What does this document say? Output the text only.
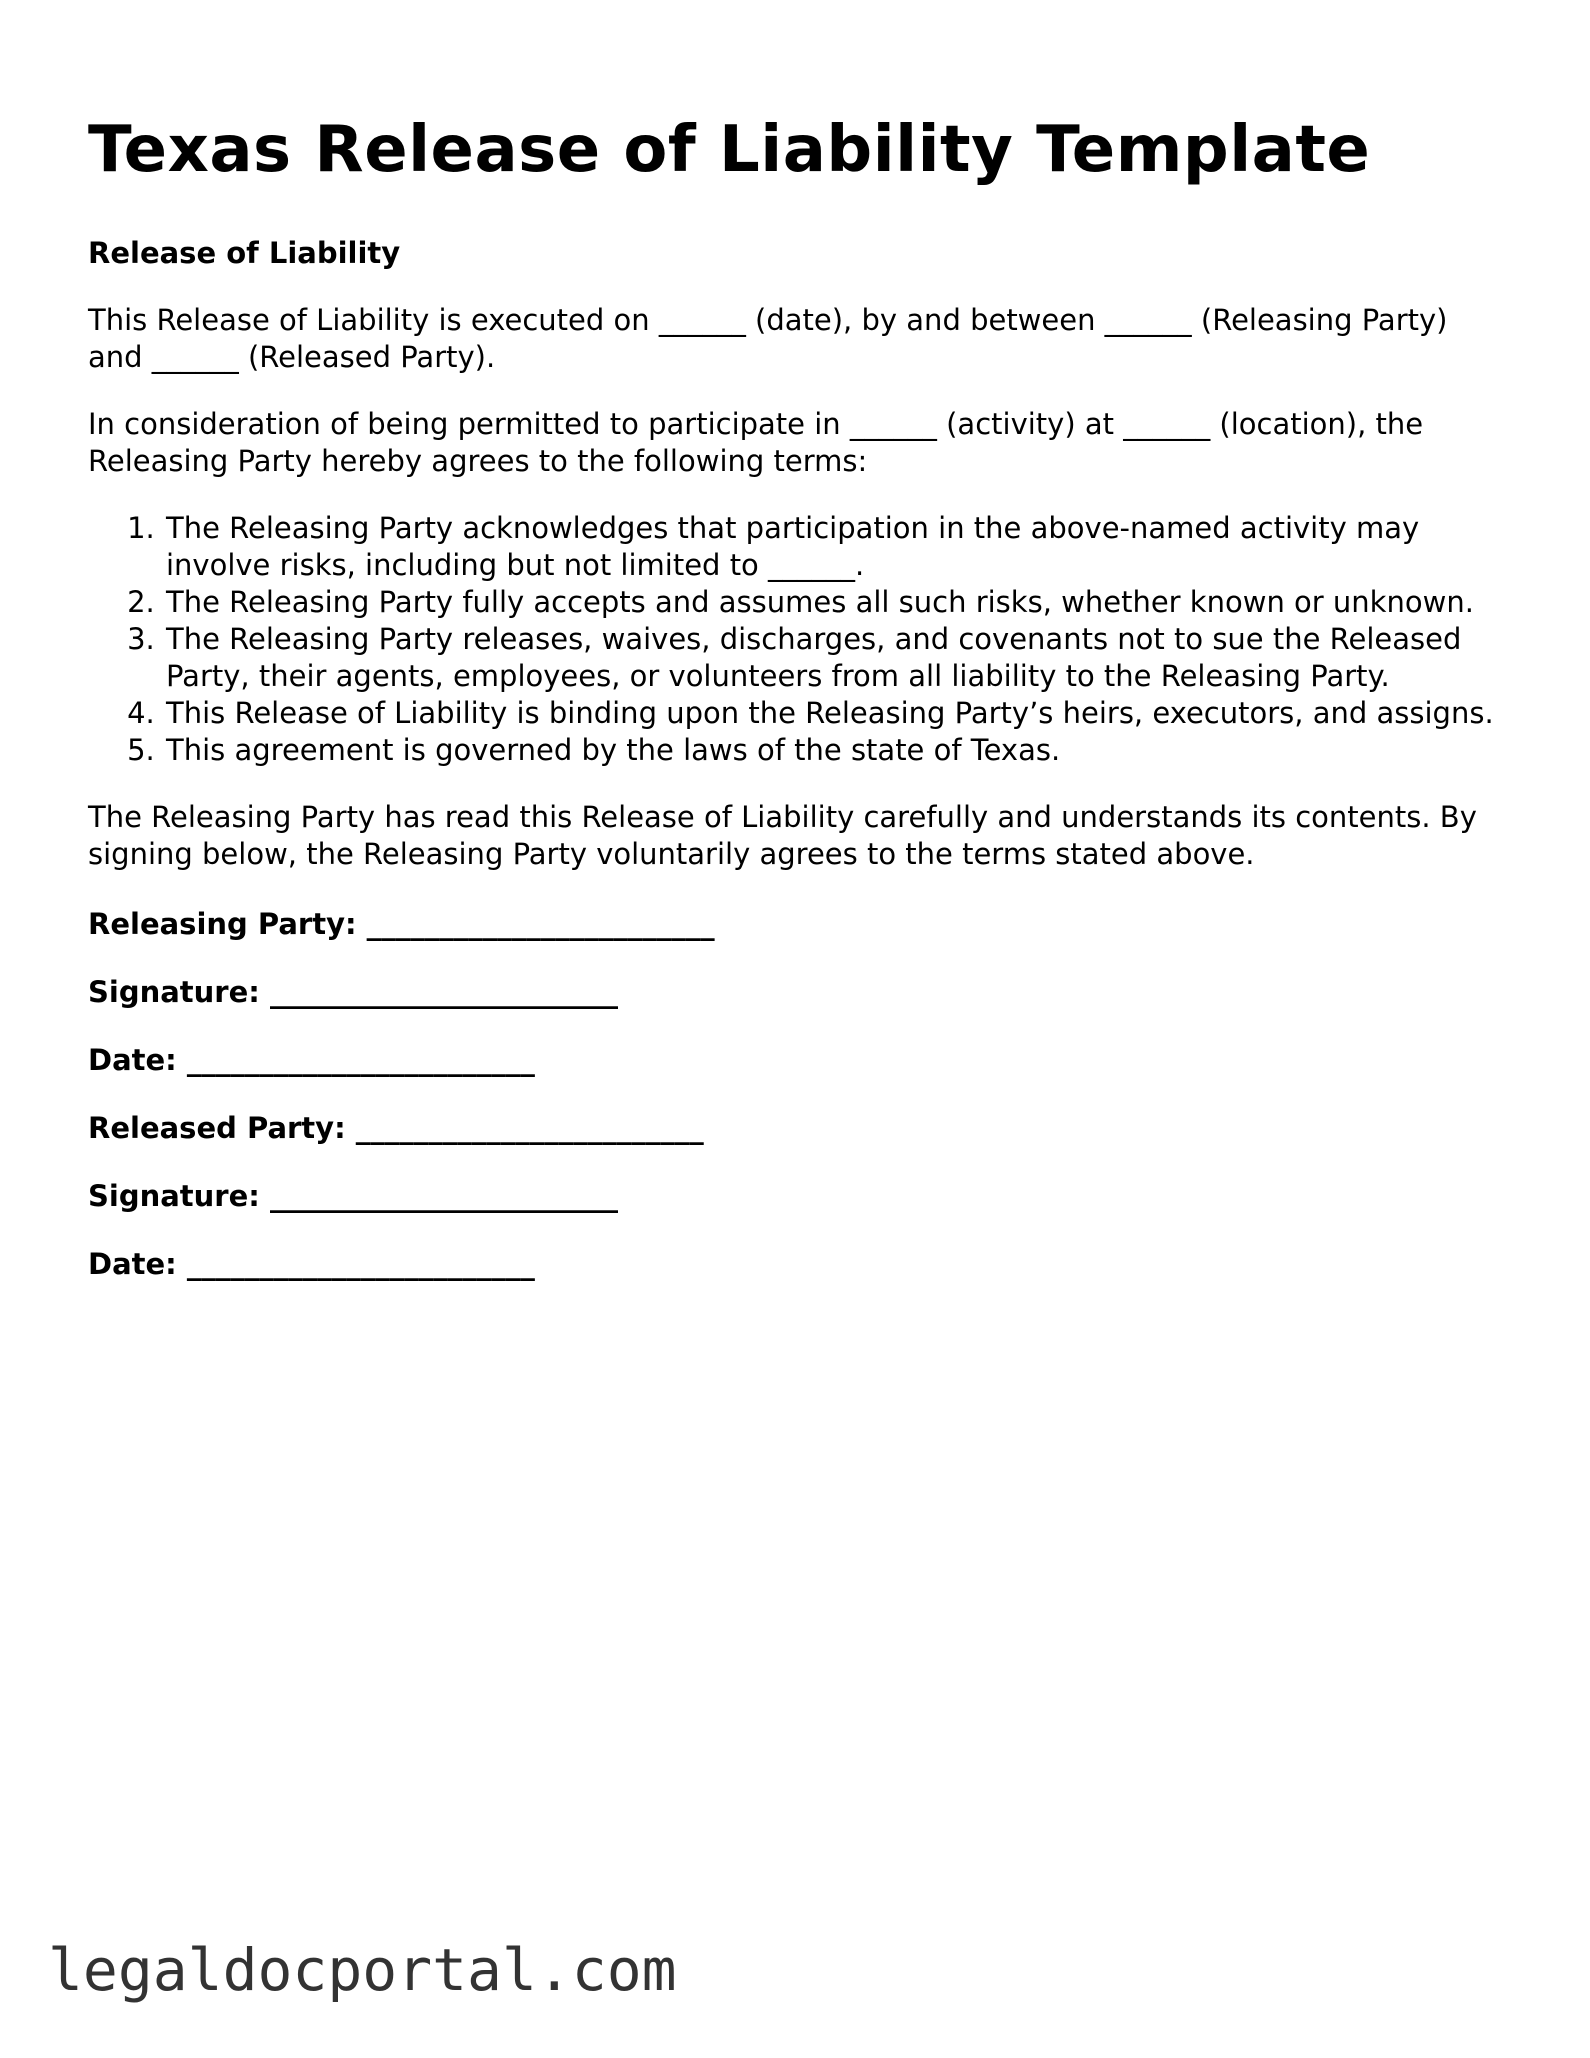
Texas Release of Liability Template
Release of Liability

This Release of Liability is executed on ______ (date), by and between ______ (Releasing Party) and ______ (Released Party).

In consideration of being permitted to participate in ______ (activity) at ______ (location), the Releasing Party hereby agrees to the following terms:

1. The Releasing Party acknowledges that participation in the above-named activity may involve risks, including but not limited to ______.
2. The Releasing Party fully accepts and assumes all such risks, whether known or unknown.
3. The Releasing Party releases, waives, discharges, and covenants not to sue the Released Party, their agents, employees, or volunteers from all liability to the Releasing Party.
4. This Release of Liability is binding upon the Releasing Party’s heirs, executors, and assigns.
5. This agreement is governed by the laws of the state of Texas.

The Releasing Party has read this Release of Liability carefully and understands its contents. By signing below, the Releasing Party voluntarily agrees to the terms stated above.

Releasing Party: ________________________
Signature: ________________________
Date: ________________________
Released Party: ________________________
Signature: ________________________
Date: ________________________
legaldocportal.com
